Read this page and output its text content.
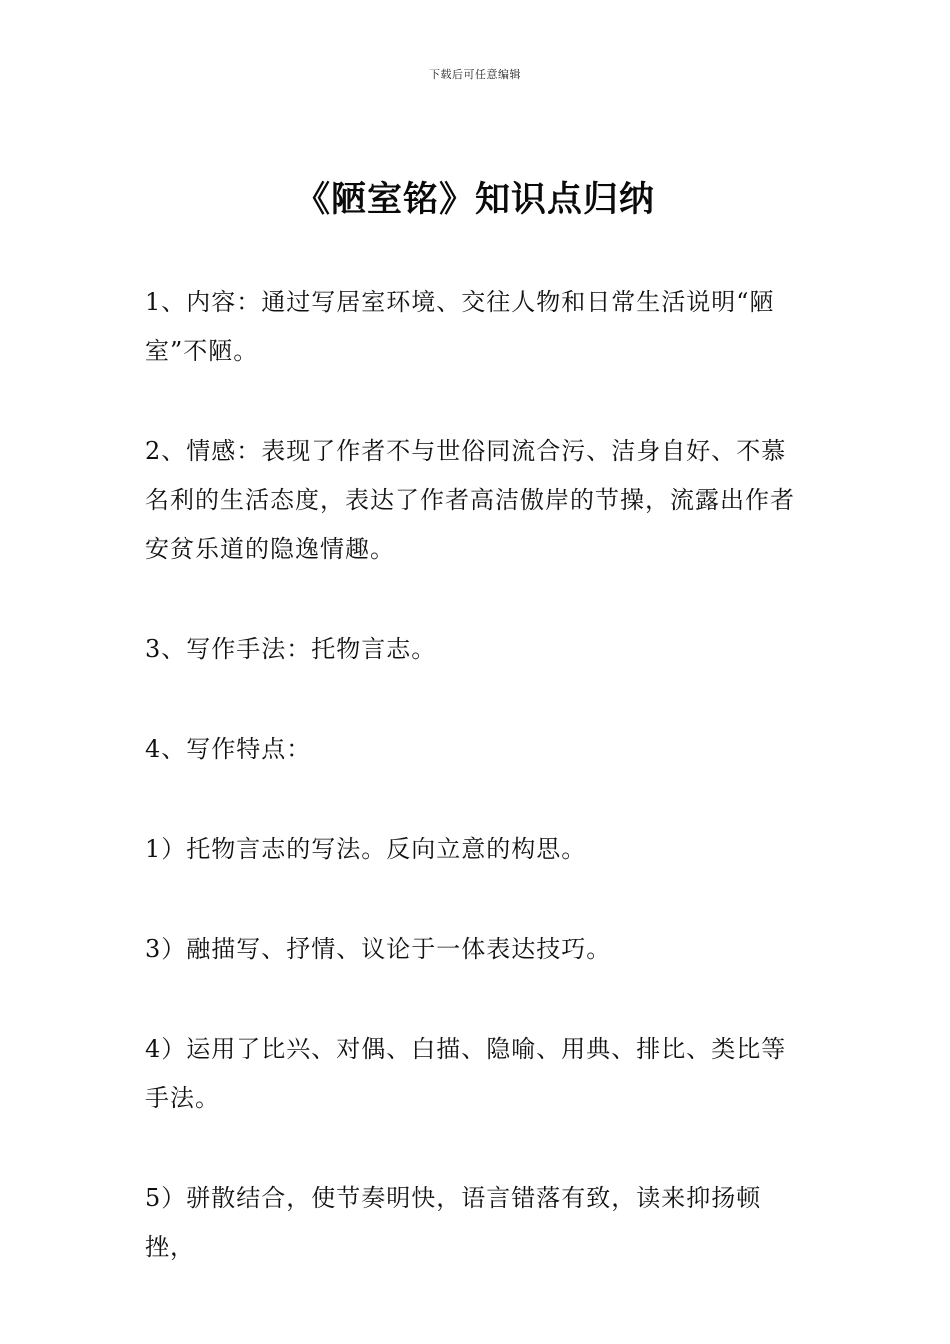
下载后可任意编辑
《陋室铭》知识点归纳

1、内容：通过写居室环境、交往人物和日常生活说明“陋室”不陋。

2、情感：表现了作者不与世俗同流合污、洁身自好、不慕名利的生活态度，表达了作者高洁傲岸的节操，流露出作者安贫乐道的隐逸情趣。

3、写作手法：托物言志。

4、写作特点：

1）托物言志的写法。反向立意的构思。

3）融描写、抒情、议论于一体表达技巧。

4）运用了比兴、对偶、白描、隐喻、用典、排比、类比等手法。

5）骈散结合，使节奏明快，语言错落有致，读来抑扬顿挫，
